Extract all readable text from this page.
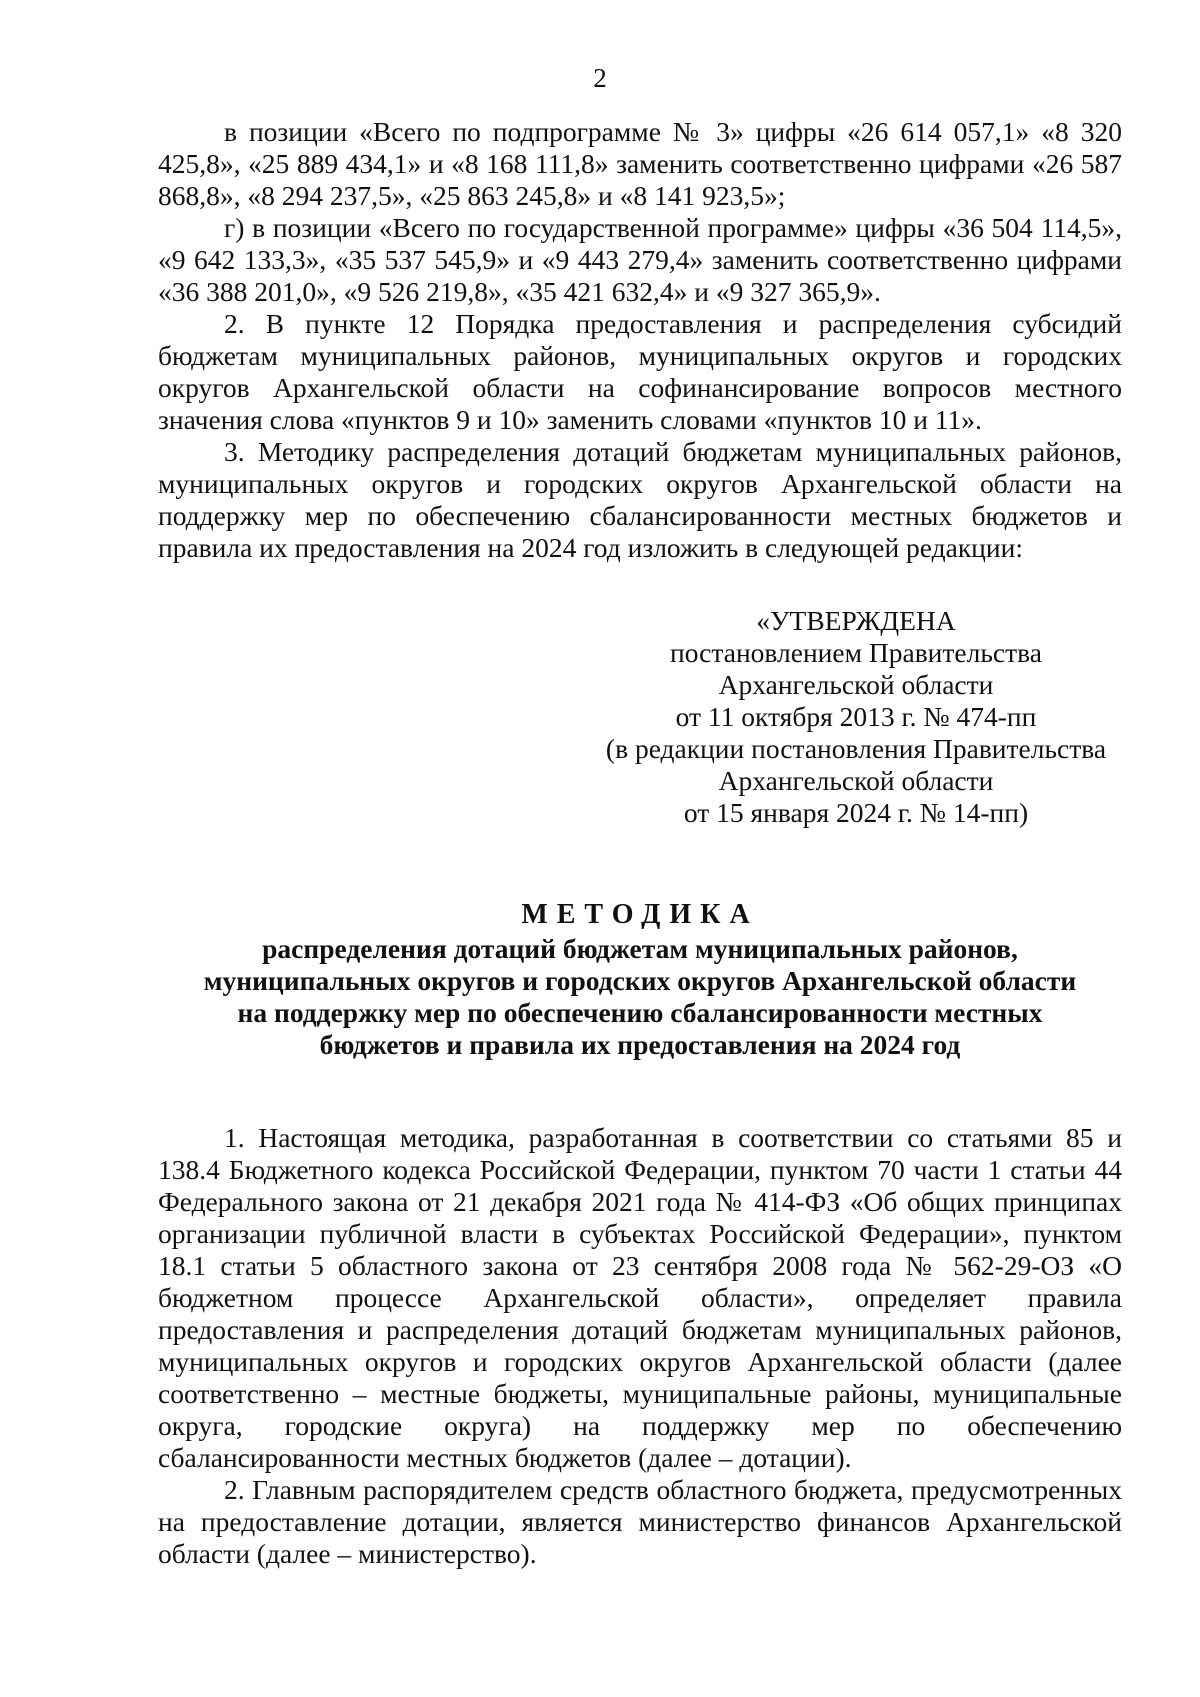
2

в позиции «Всего по подпрограмме № 3» цифры «26 614 057,1» «8 320 425,8», «25 889 434,1» и «8 168 111,8» заменить соответственно цифрами «26 587 868,8», «8 294 237,5», «25 863 245,8» и «8 141 923,5»;

г) в позиции «Всего по государственной программе» цифры «36 504 114,5», «9 642 133,3», «35 537 545,9» и «9 443 279,4» заменить соответственно цифрами «36 388 201,0», «9 526 219,8», «35 421 632,4» и «9 327 365,9».

2. В пункте 12 Порядка предоставления и распределения субсидий бюджетам муниципальных районов, муниципальных округов и городских округов Архангельской области на софинансирование вопросов местного значения слова «пунктов 9 и 10» заменить словами «пунктов 10 и 11».

3. Методику распределения дотаций бюджетам муниципальных районов, муниципальных округов и городских округов Архангельской области на поддержку мер по обеспечению сбалансированности местных бюджетов и правила их предоставления на 2024 год изложить в следующей редакции:

«УТВЕРЖДЕНА
постановлением Правительства
Архангельской области
от 11 октября 2013 г. № 474-пп
(в редакции постановления Правительства
Архангельской области
от 15 января 2024 г. № 14-пп)
МЕТОДИКА
распределения дотаций бюджетам муниципальных районов,
муниципальных округов и городских округов Архангельской области
на поддержку мер по обеспечению сбалансированности местных
бюджетов и правила их предоставления на 2024 год

1. Настоящая методика, разработанная в соответствии со статьями 85 и 138.4 Бюджетного кодекса Российской Федерации, пунктом 70 части 1 статьи 44 Федерального закона от 21 декабря 2021 года № 414-ФЗ «Об общих принципах организации публичной власти в субъектах Российской Федерации», пунктом 18.1 статьи 5 областного закона от 23 сентября 2008 года № 562-29-ОЗ «О бюджетном процессе Архангельской области», определяет правила предоставления и распределения дотаций бюджетам муниципальных районов, муниципальных округов и городских округов Архангельской области (далее соответственно – местные бюджеты, муниципальные районы, муниципальные округа, городские округа) на поддержку мер по обеспечению сбалансированности местных бюджетов (далее – дотации).

2. Главным распорядителем средств областного бюджета, предусмотренных на предоставление дотации, является министерство финансов Архангельской области (далее – министерство).
